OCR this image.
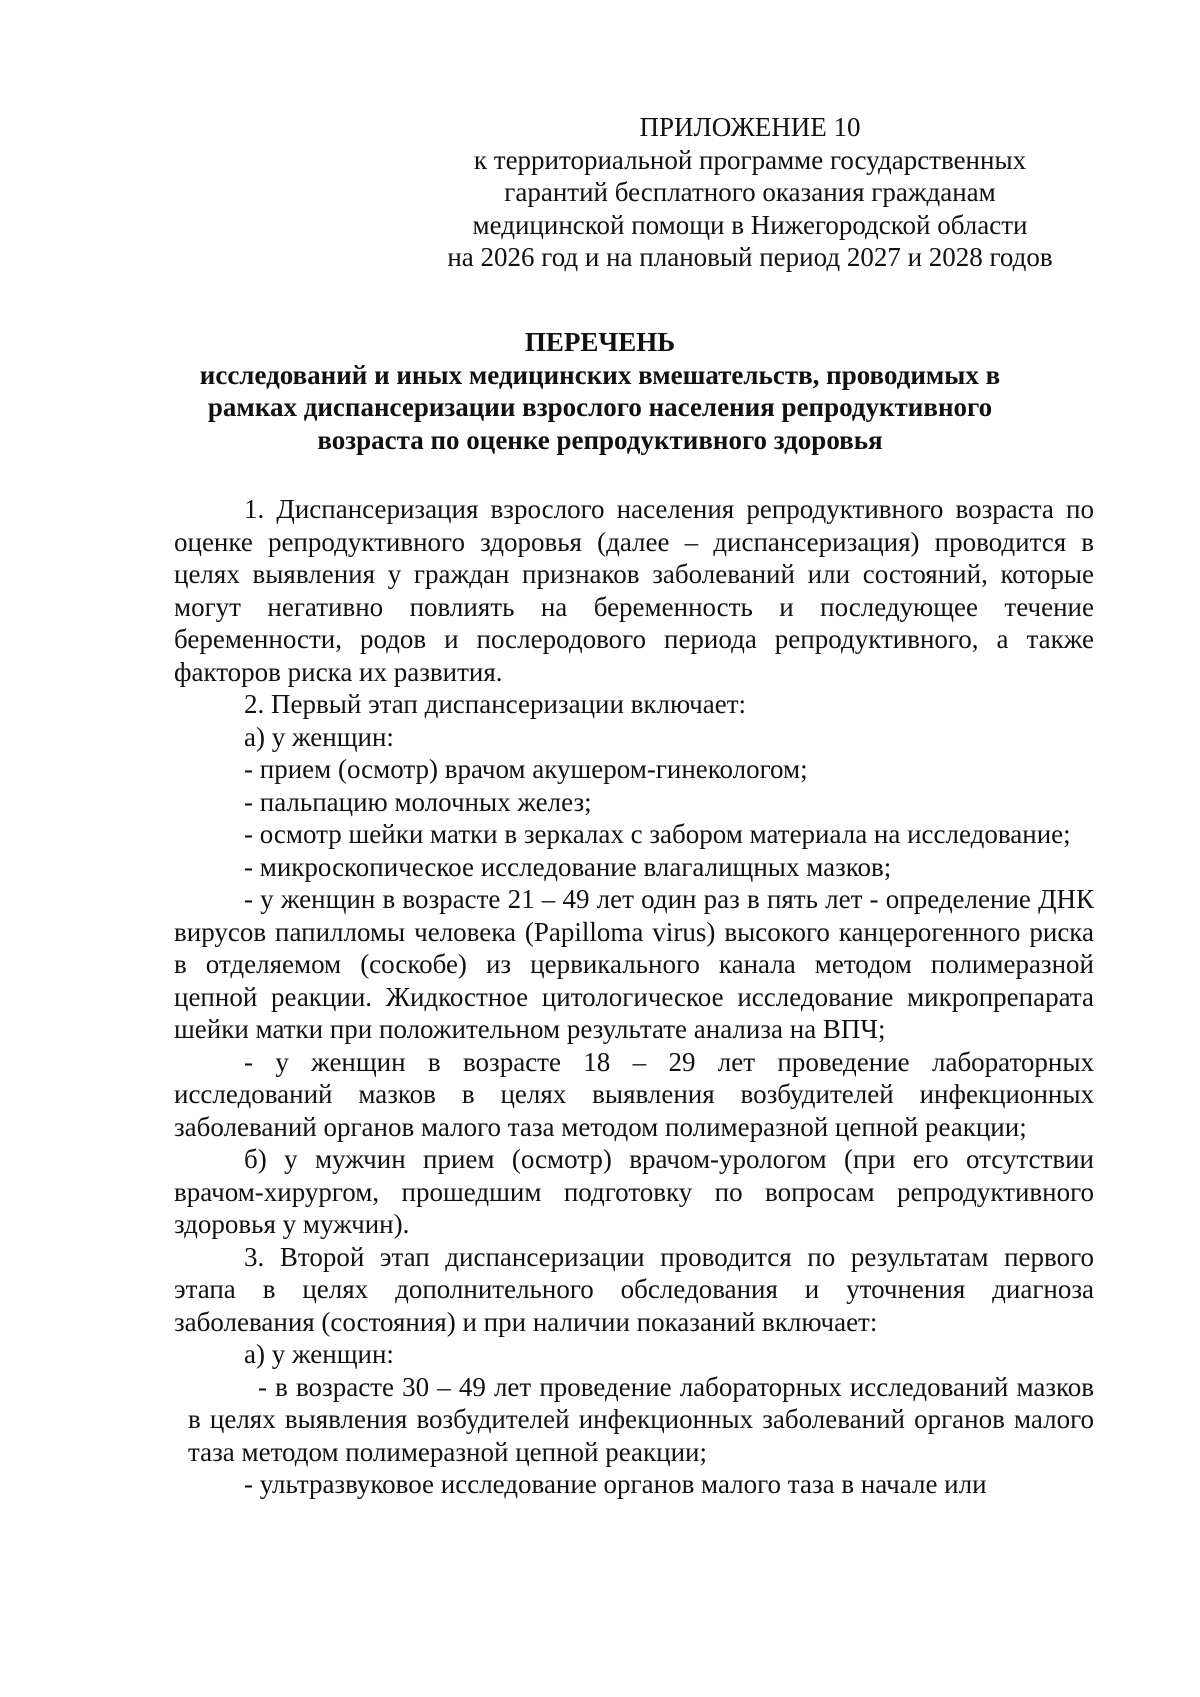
ПРИЛОЖЕНИЕ 10
к территориальной программе государственных
гарантий бесплатного оказания гражданам
медицинской помощи в Нижегородской области
на 2026 год и на плановый период 2027 и 2028 годов
ПЕРЕЧЕНЬ
исследований и иных медицинских вмешательств, проводимых в
рамках диспансеризации взрослого населения репродуктивного
возраста по оценке репродуктивного здоровья

1. Диспансеризация взрослого населения репродуктивного возраста по оценке репродуктивного здоровья (далее – диспансеризация) проводится в целях выявления у граждан признаков заболеваний или состояний, которые могут негативно повлиять на беременность и последующее течение беременности, родов и послеродового периода репродуктивного, а также факторов риска их развития.

2. Первый этап диспансеризации включает:

а) у женщин:

- прием (осмотр) врачом акушером-гинекологом;

- пальпацию молочных желез;

- осмотр шейки матки в зеркалах с забором материала на исследование;

- микроскопическое исследование влагалищных мазков;

- у женщин в возрасте 21 – 49 лет один раз в пять лет - определение ДНК вирусов папилломы человека (Papilloma virus) высокого канцерогенного риска в отделяемом (соскобе) из цервикального канала методом полимеразной цепной реакции. Жидкостное цитологическое исследование микропрепарата шейки матки при положительном результате анализа на ВПЧ;

- у женщин в возрасте 18 – 29 лет проведение лабораторных исследований мазков в целях выявления возбудителей инфекционных заболеваний органов малого таза методом полимеразной цепной реакции;

б) у мужчин прием (осмотр) врачом-урологом (при его отсутствии врачом-хирургом, прошедшим подготовку по вопросам репродуктивного здоровья у мужчин).

3. Второй этап диспансеризации проводится по результатам первого этапа в целях дополнительного обследования и уточнения диагноза заболевания (состояния) и при наличии показаний включает:

а) у женщин:

- в возрасте 30 – 49 лет проведение лабораторных исследований мазков в целях выявления возбудителей инфекционных заболеваний органов малого таза методом полимеразной цепной реакции;

- ультразвуковое исследование органов малого таза в начале или
